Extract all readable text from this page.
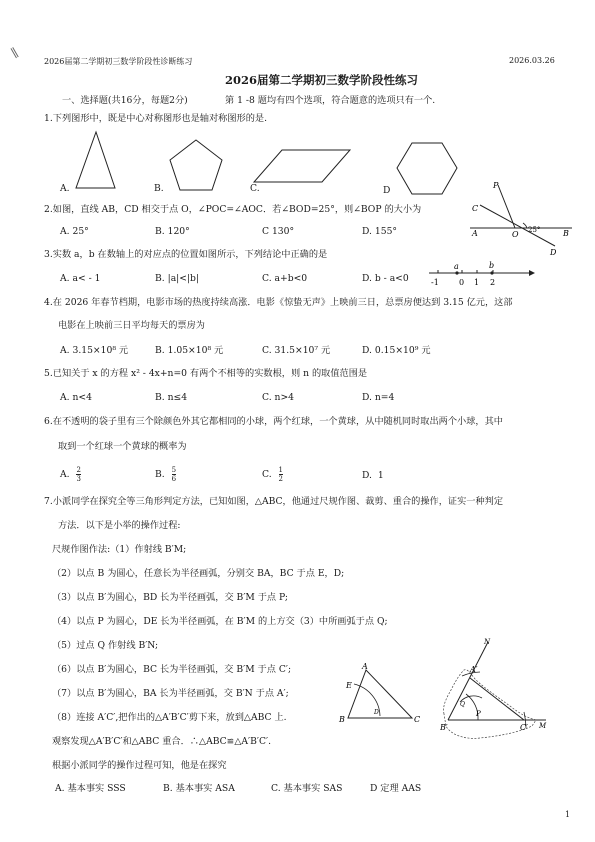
2026届第二学期初三数学阶段性诊断练习	2026.03.26
∥
2026届第二学期初三数学阶段性练习
一、选择题(共16分，每题2分)	第 1 -8 题均有四个选项，符合题意的选项只有一个.
1.下列图形中，既是中心对称图形也是轴对称图形的是.
A.	B.	C.	D
2.如图，直线 AB，CD 相交于点 O，∠POC=∠AOC．若∠BOD=25°，则∠BOP 的大小为
A. 25°	B. 120°	C 130°	D. 155°
P
C
A	O 25°	B
D
3.实数 a，b 在数轴上的对应点的位置如图所示，下列结论中正确的是
A. a< - 1	B. |a|<|b|	C. a+b<0	D. b - a<0
a	b
-1	0 1 2
4.在 2026 年春节档期，电影市场的热度持续高涨．电影《惊蛰无声》上映前三日，总票房便达到 3.15 亿元，这部
电影在上映前三日平均每天的票房为
A. 3.15×10⁸ 元	B. 1.05×10⁸ 元	C. 31.5×10⁷ 元	D. 0.15×10⁹ 元
5.已知关于 x 的方程 x² - 4x+n=0 有两个不相等的实数根，则 n 的取值范围是
A. n<4	B. n≤4	C. n>4	D. n=4
6.在不透明的袋子里有三个除颜色外其它都相同的小球，两个红球，一个黄球，从中随机同时取出两个小球，其中
取到一个红球一个黄球的概率为
A. $\frac{2}{3}$	B. $\frac{5}{6}$	C. $\frac{1}{2}$	D. 1
7.小派同学在探究全等三角形判定方法，已知如图，△ABC，他通过尺规作图、裁剪、重合的操作，证实一种判定
方法．以下是小举的操作过程:
尺规作图作法:（1）作射线 B′M;
（2）以点 B 为圆心，任意长为半径画弧，分别交 BA，BC 于点 E，D;
（3）以点 B′为圆心，BD 长为半径画弧，交 B′M 于点 P;
（4）以点 P 为圆心，DE 长为半径画弧，在 B′M 的上方交（3）中所画弧于点 Q;
（5）过点 Q 作射线 B′N;
（6）以点 B′为圆心，BC 长为半径画弧，交 B′M 于点 C′;
（7）以点 B′为圆心，BA 长为半径画弧，交 B′N 于点 A′;
（8）连接 A′C′,把作出的△A′B′C′剪下来，放到△ABC 上.
观察发现△A′B′C′和△ABC 重合．∴△ABC≌△A′B′C′.
根据小派同学的操作过程可知，他是在探究
A. 基本事实 SSS	B. 基本事实 ASA	C. 基本事实 SAS	D 定理 AAS
A
E
B
D
C
N
A′
Q
B′
P
C′ M
1
